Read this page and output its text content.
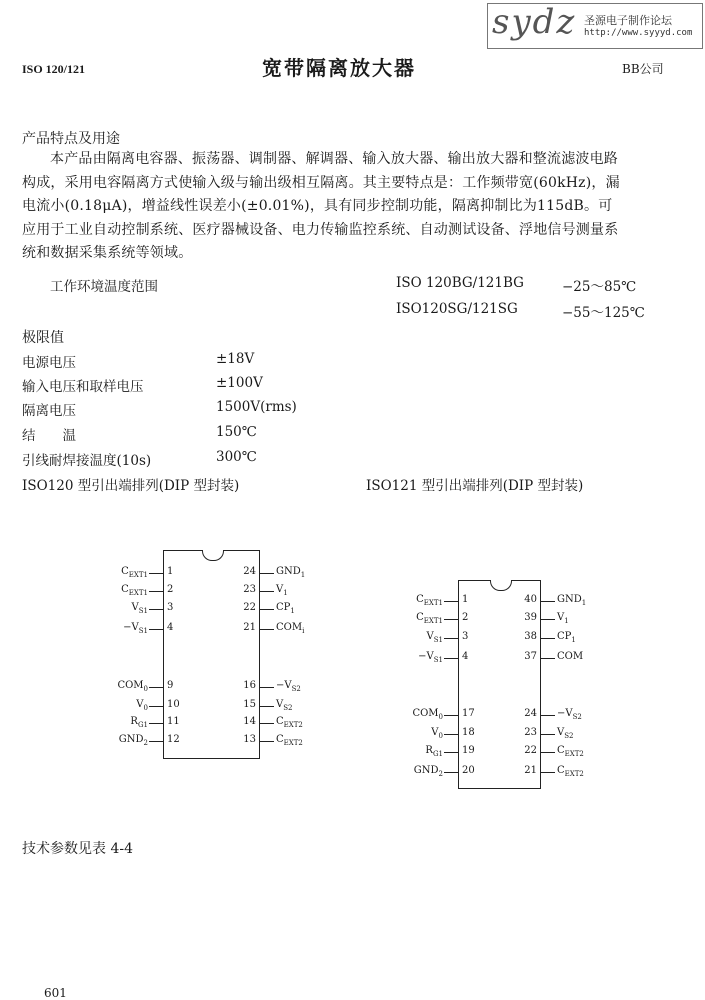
sydz 圣源电子制作论坛
http://www.syyyd.com
ISO 120/121	宽带隔离放大器	BB公司
产品特点及用途
本产品由隔离电容器、振荡器、调制器、解调器、输入放大器、输出放大器和整流滤波电路
构成，采用电容隔离方式使输入级与输出级相互隔离。其主要特点是：工作频带宽(60kHz)，漏
电流小(0.18μA)，增益线性误差小(±0.01%)，具有同步控制功能，隔离抑制比为115dB。可
应用于工业自动控制系统、医疗器械设备、电力传输监控系统、自动测试设备、浮地信号测量系
统和数据采集系统等领域。
工作环境温度范围	ISO 120BG/121BG	−25～85℃
ISO120SG/121SG	−55～125℃
极限值
电源电压	±18V
输入电压和取样电压	±100V
隔离电压	1500V(rms)
结　　温	150℃
引线耐焊接温度(10s)	300℃
ISO120 型引出端排列(DIP 型封装)	ISO121 型引出端排列(DIP 型封装)
$C_{EXT1}$ 1
$C_{EXT1}$ 2
$V_{S1}$ 3
$-V_{S1}$ 4
$COM_0$ 9
$V_0$ 10
$R_{G1}$ 11
$GND_2$ 12
24 $GND_1$
23 $V_1$
22 $CP_1$
21 $COM_i$
$16 -V_{S2}$
15 $V_{S2}$
14 $C_{EXT2}$
13 $C_{EXT2}$
$C_{EXT1}$ 1
$C_{EXT1}$ 2
$V_{S1}$ 3
$-V_{S1}$ 4
$COM_0$ 17
$V_0$ 18
$R_{G1}$ 19
$GND_2$ 20
40 $GND_1$
39 $V_1$
38 $CP_1$
37 COM
$24 -V_{S2}$
23 $V_{S2}$
22 $C_{EXT2}$
21 $C_{EXT2}$
技术参数见表 4-4
601
